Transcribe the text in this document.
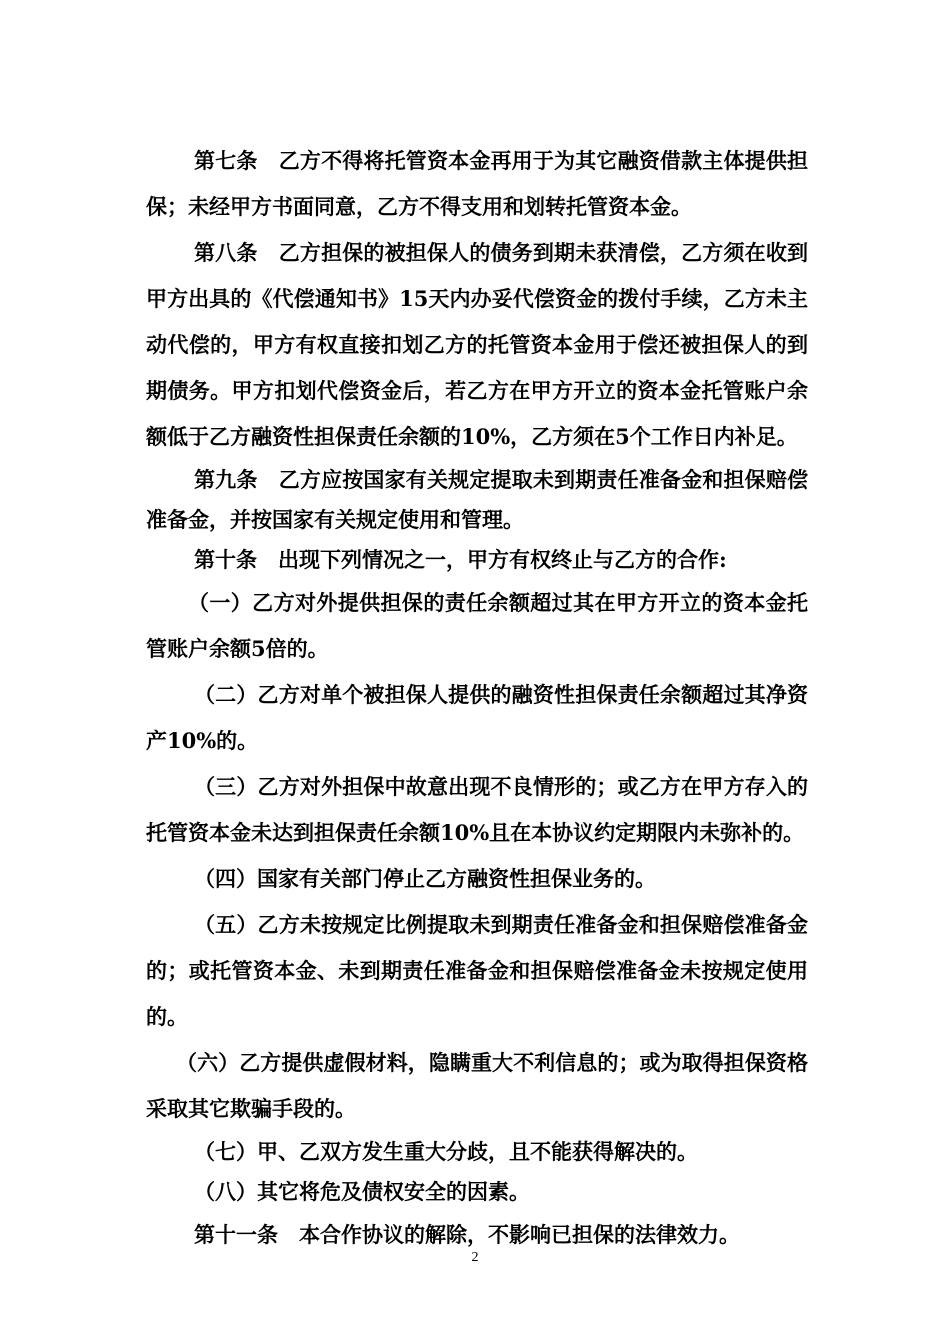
第七条　乙方不得将托管资本金再用于为其它融资借款主体提供担保；未经甲方书面同意，乙方不得支用和划转托管资本金。

第八条　乙方担保的被担保人的债务到期未获清偿，乙方须在收到甲方出具的《代偿通知书》15天内办妥代偿资金的拨付手续，乙方未主动代偿的，甲方有权直接扣划乙方的托管资本金用于偿还被担保人的到期债务。甲方扣划代偿资金后，若乙方在甲方开立的资本金托管账户余额低于乙方融资性担保责任余额的10%，乙方须在5个工作日内补足。

第九条　乙方应按国家有关规定提取未到期责任准备金和担保赔偿准备金，并按国家有关规定使用和管理。

第十条　出现下列情况之一，甲方有权终止与乙方的合作:

（一）乙方对外提供担保的责任余额超过其在甲方开立的资本金托管账户余额5倍的。

（二）乙方对单个被担保人提供的融资性担保责任余额超过其净资产10%的。

（三）乙方对外担保中故意出现不良情形的；或乙方在甲方存入的托管资本金未达到担保责任余额10%且在本协议约定期限内未弥补的。

（四）国家有关部门停止乙方融资性担保业务的。

（五）乙方未按规定比例提取未到期责任准备金和担保赔偿准备金的；或托管资本金、未到期责任准备金和担保赔偿准备金未按规定使用的。

（六）乙方提供虚假材料，隐瞒重大不利信息的；或为取得担保资格采取其它欺骗手段的。

（七）甲、乙双方发生重大分歧，且不能获得解决的。

（八）其它将危及债权安全的因素。

第十一条　本合作协议的解除，不影响已担保的法律效力。

2
